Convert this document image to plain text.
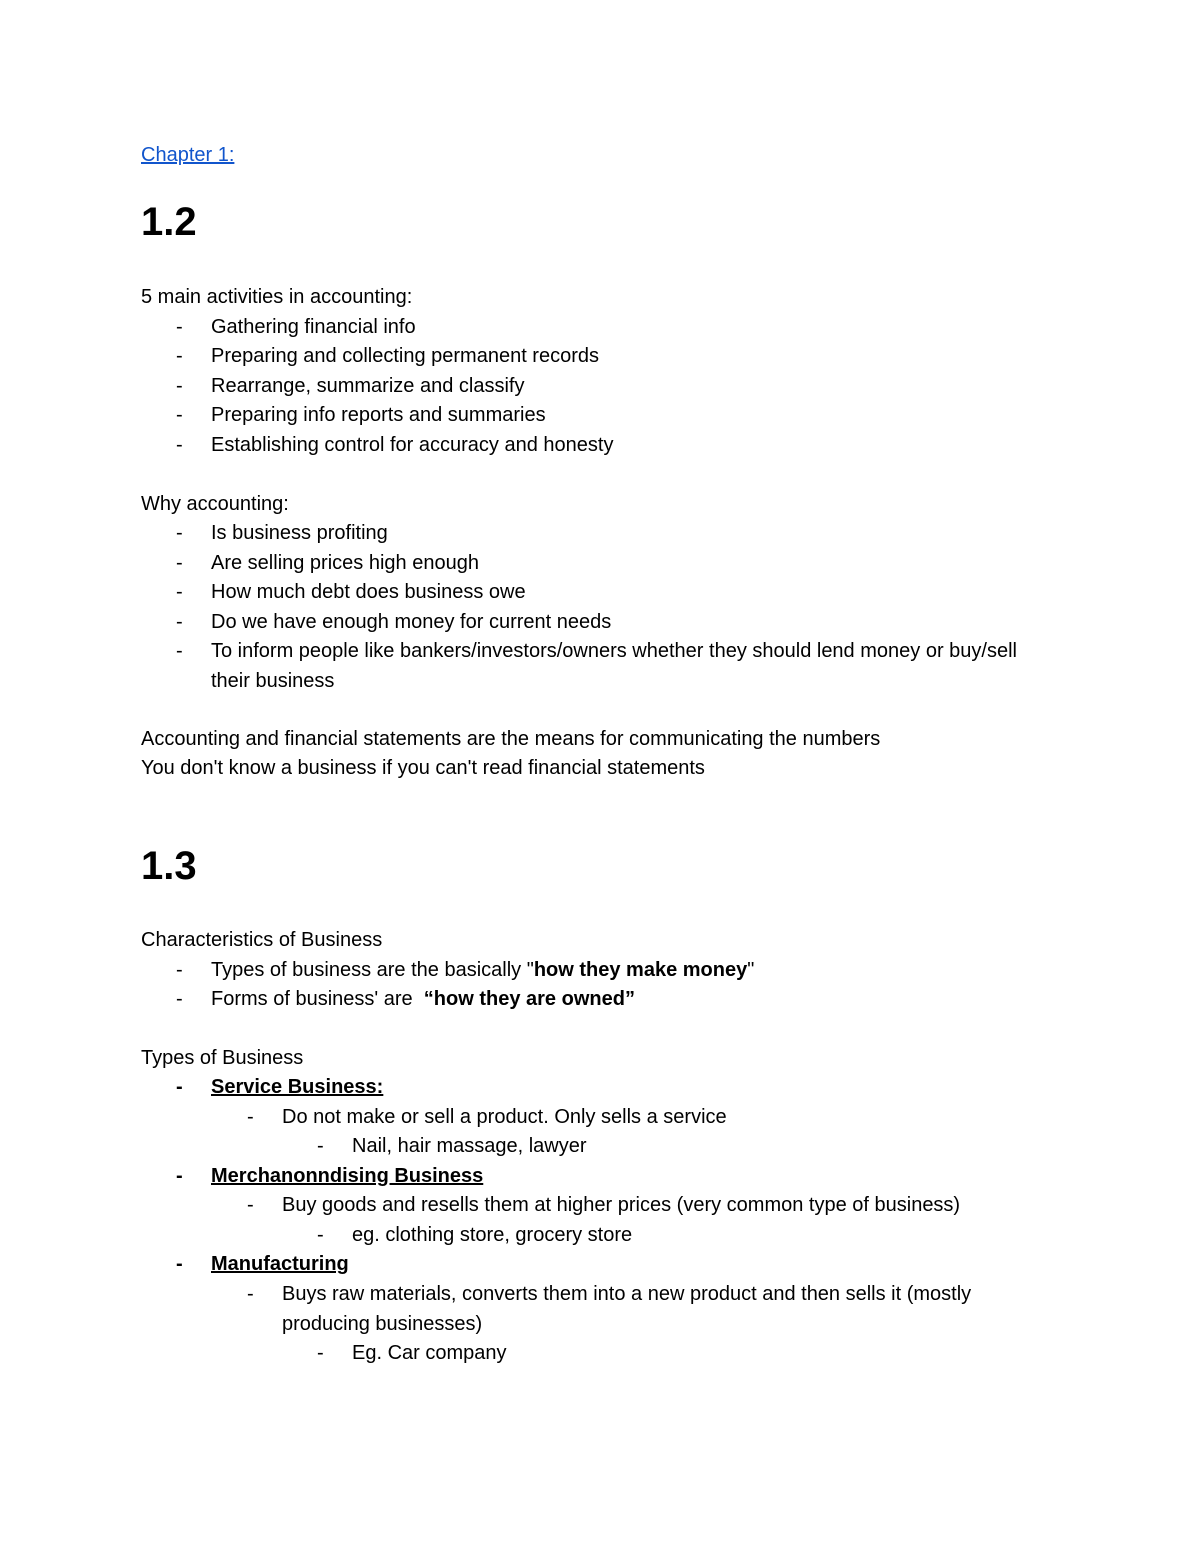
Chapter 1:
1.2
5 main activities in accounting:
- Gathering financial info
- Preparing and collecting permanent records
- Rearrange, summarize and classify
- Preparing info reports and summaries
- Establishing control for accuracy and honesty
Why accounting:
- Is business profiting
- Are selling prices high enough
- How much debt does business owe
- Do we have enough money for current needs
- To inform people like bankers/investors/owners whether they should lend money or buy/sell their business
Accounting and financial statements are the means for communicating the numbers
You don't know a business if you can't read financial statements
1.3
Characteristics of Business
- Types of business are the basically "how they make money"
- Forms of business' are  “how they are owned”
Types of Business
- Service Business:
- Do not make or sell a product. Only sells a service
- Nail, hair massage, lawyer
- Merchanonndising Business
- Buy goods and resells them at higher prices (very common type of business)
- eg. clothing store, grocery store
- Manufacturing
- Buys raw materials, converts them into a new product and then sells it (mostly producing businesses)
- Eg. Car company
